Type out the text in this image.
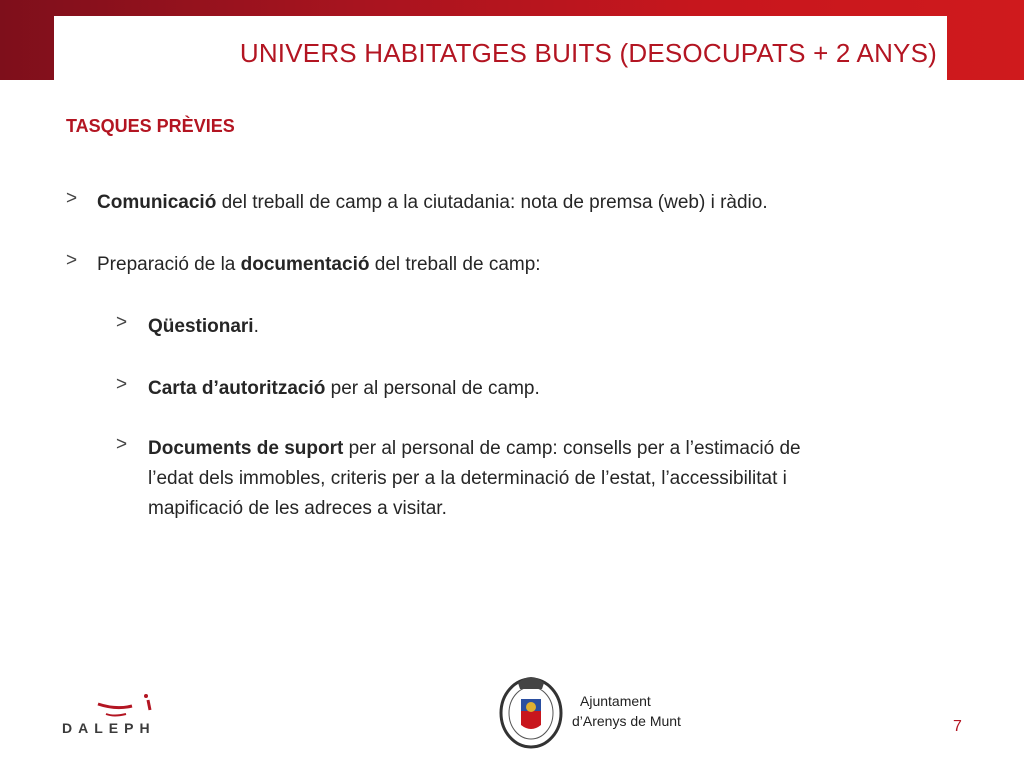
UNIVERS HABITATGES BUITS (DESOCUPATS + 2 ANYS)
TASQUES PRÈVIES
> Comunicació del treball de camp a la ciutadania: nota de premsa (web) i ràdio.
> Preparació de la documentació del treball de camp:
> Qüestionari.
> Carta d’autorització per al personal de camp.
> Documents de suport per al personal de camp: consells per a l’estimació de
l’edat dels immobles, criteris per a la determinació de l’estat, l’accessibilitat i
mapificació de les adreces a visitar.
DALEPH
Ajuntament
d’Arenys de Munt	7
